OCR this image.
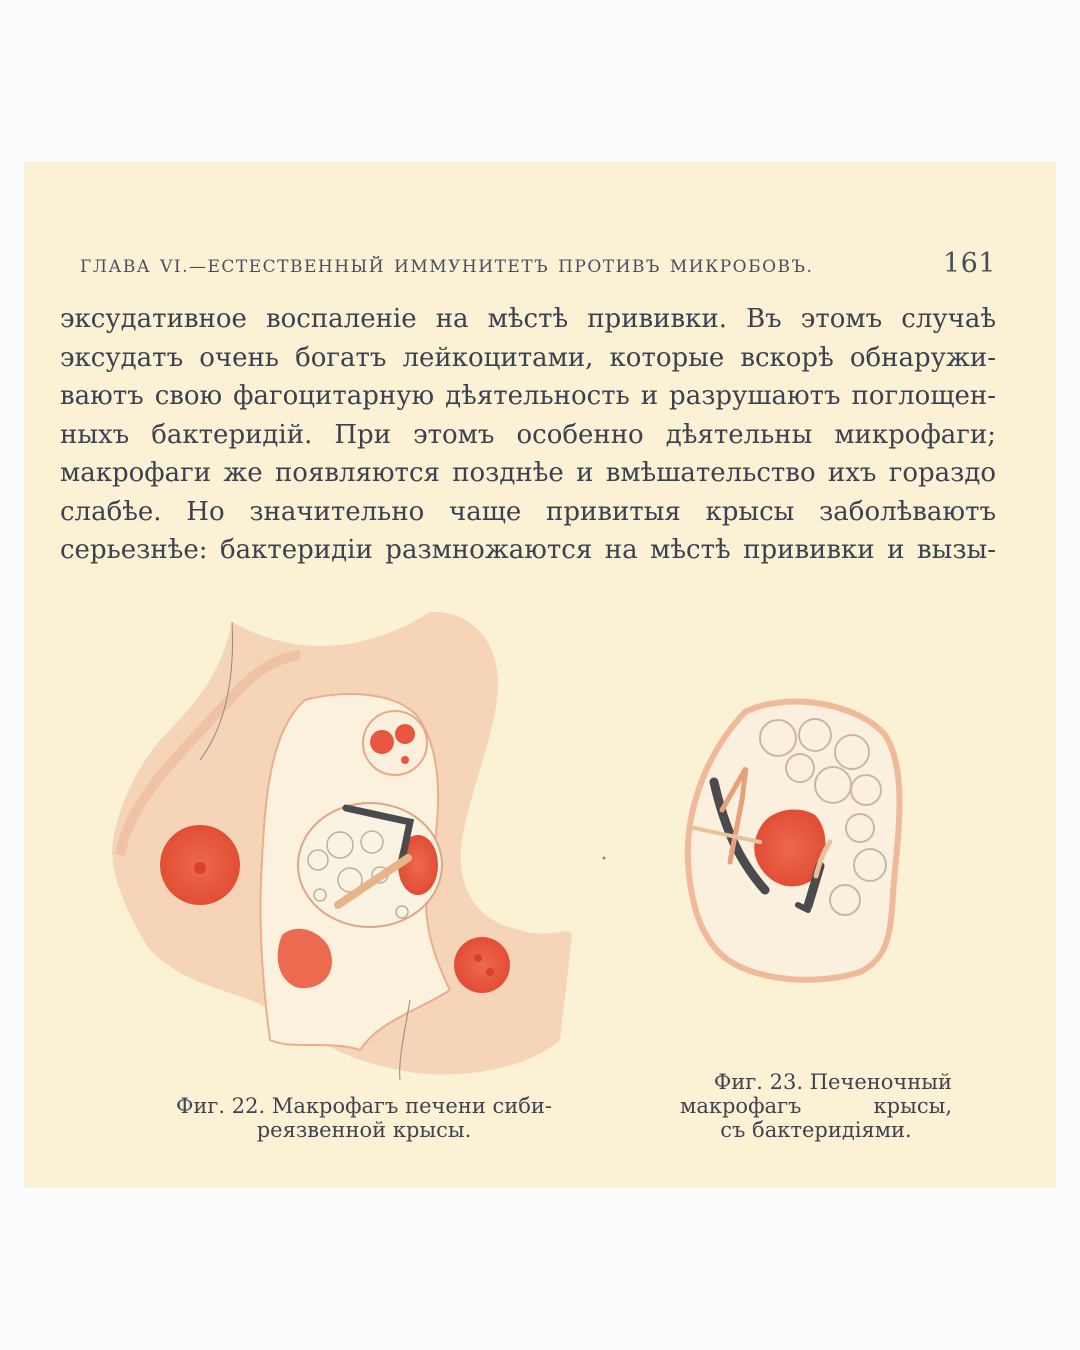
ГЛАВА VI.—ЕСТЕСТВЕННЫЙ ИММУНИТЕТЪ ПРОТИВЪ МИКРОБОВЪ.	161
эксудативное воспаленіе на мѣстѣ прививки. Въ этомъ случаѣ
эксудатъ очень богатъ лейкоцитами, которые вскорѣ обнаружи-
ваютъ свою фагоцитарную дѣятельность и разрушаютъ поглощен-
ныхъ бактеридій. При этомъ особенно дѣятельны микрофаги;
макрофаги же появляются позднѣе и вмѣшательство ихъ гораздо
слабѣе. Но значительно чаще привитыя крысы заболѣваютъ
серьезнѣе: бактеридіи размножаются на мѣстѣ прививки и вызы-
Фиг. 22. Макрофагъ печени сиби-
реязвенной крысы.
Фиг. 23. Печеночный
макрофагъ крысы,
съ бактеридіями.
